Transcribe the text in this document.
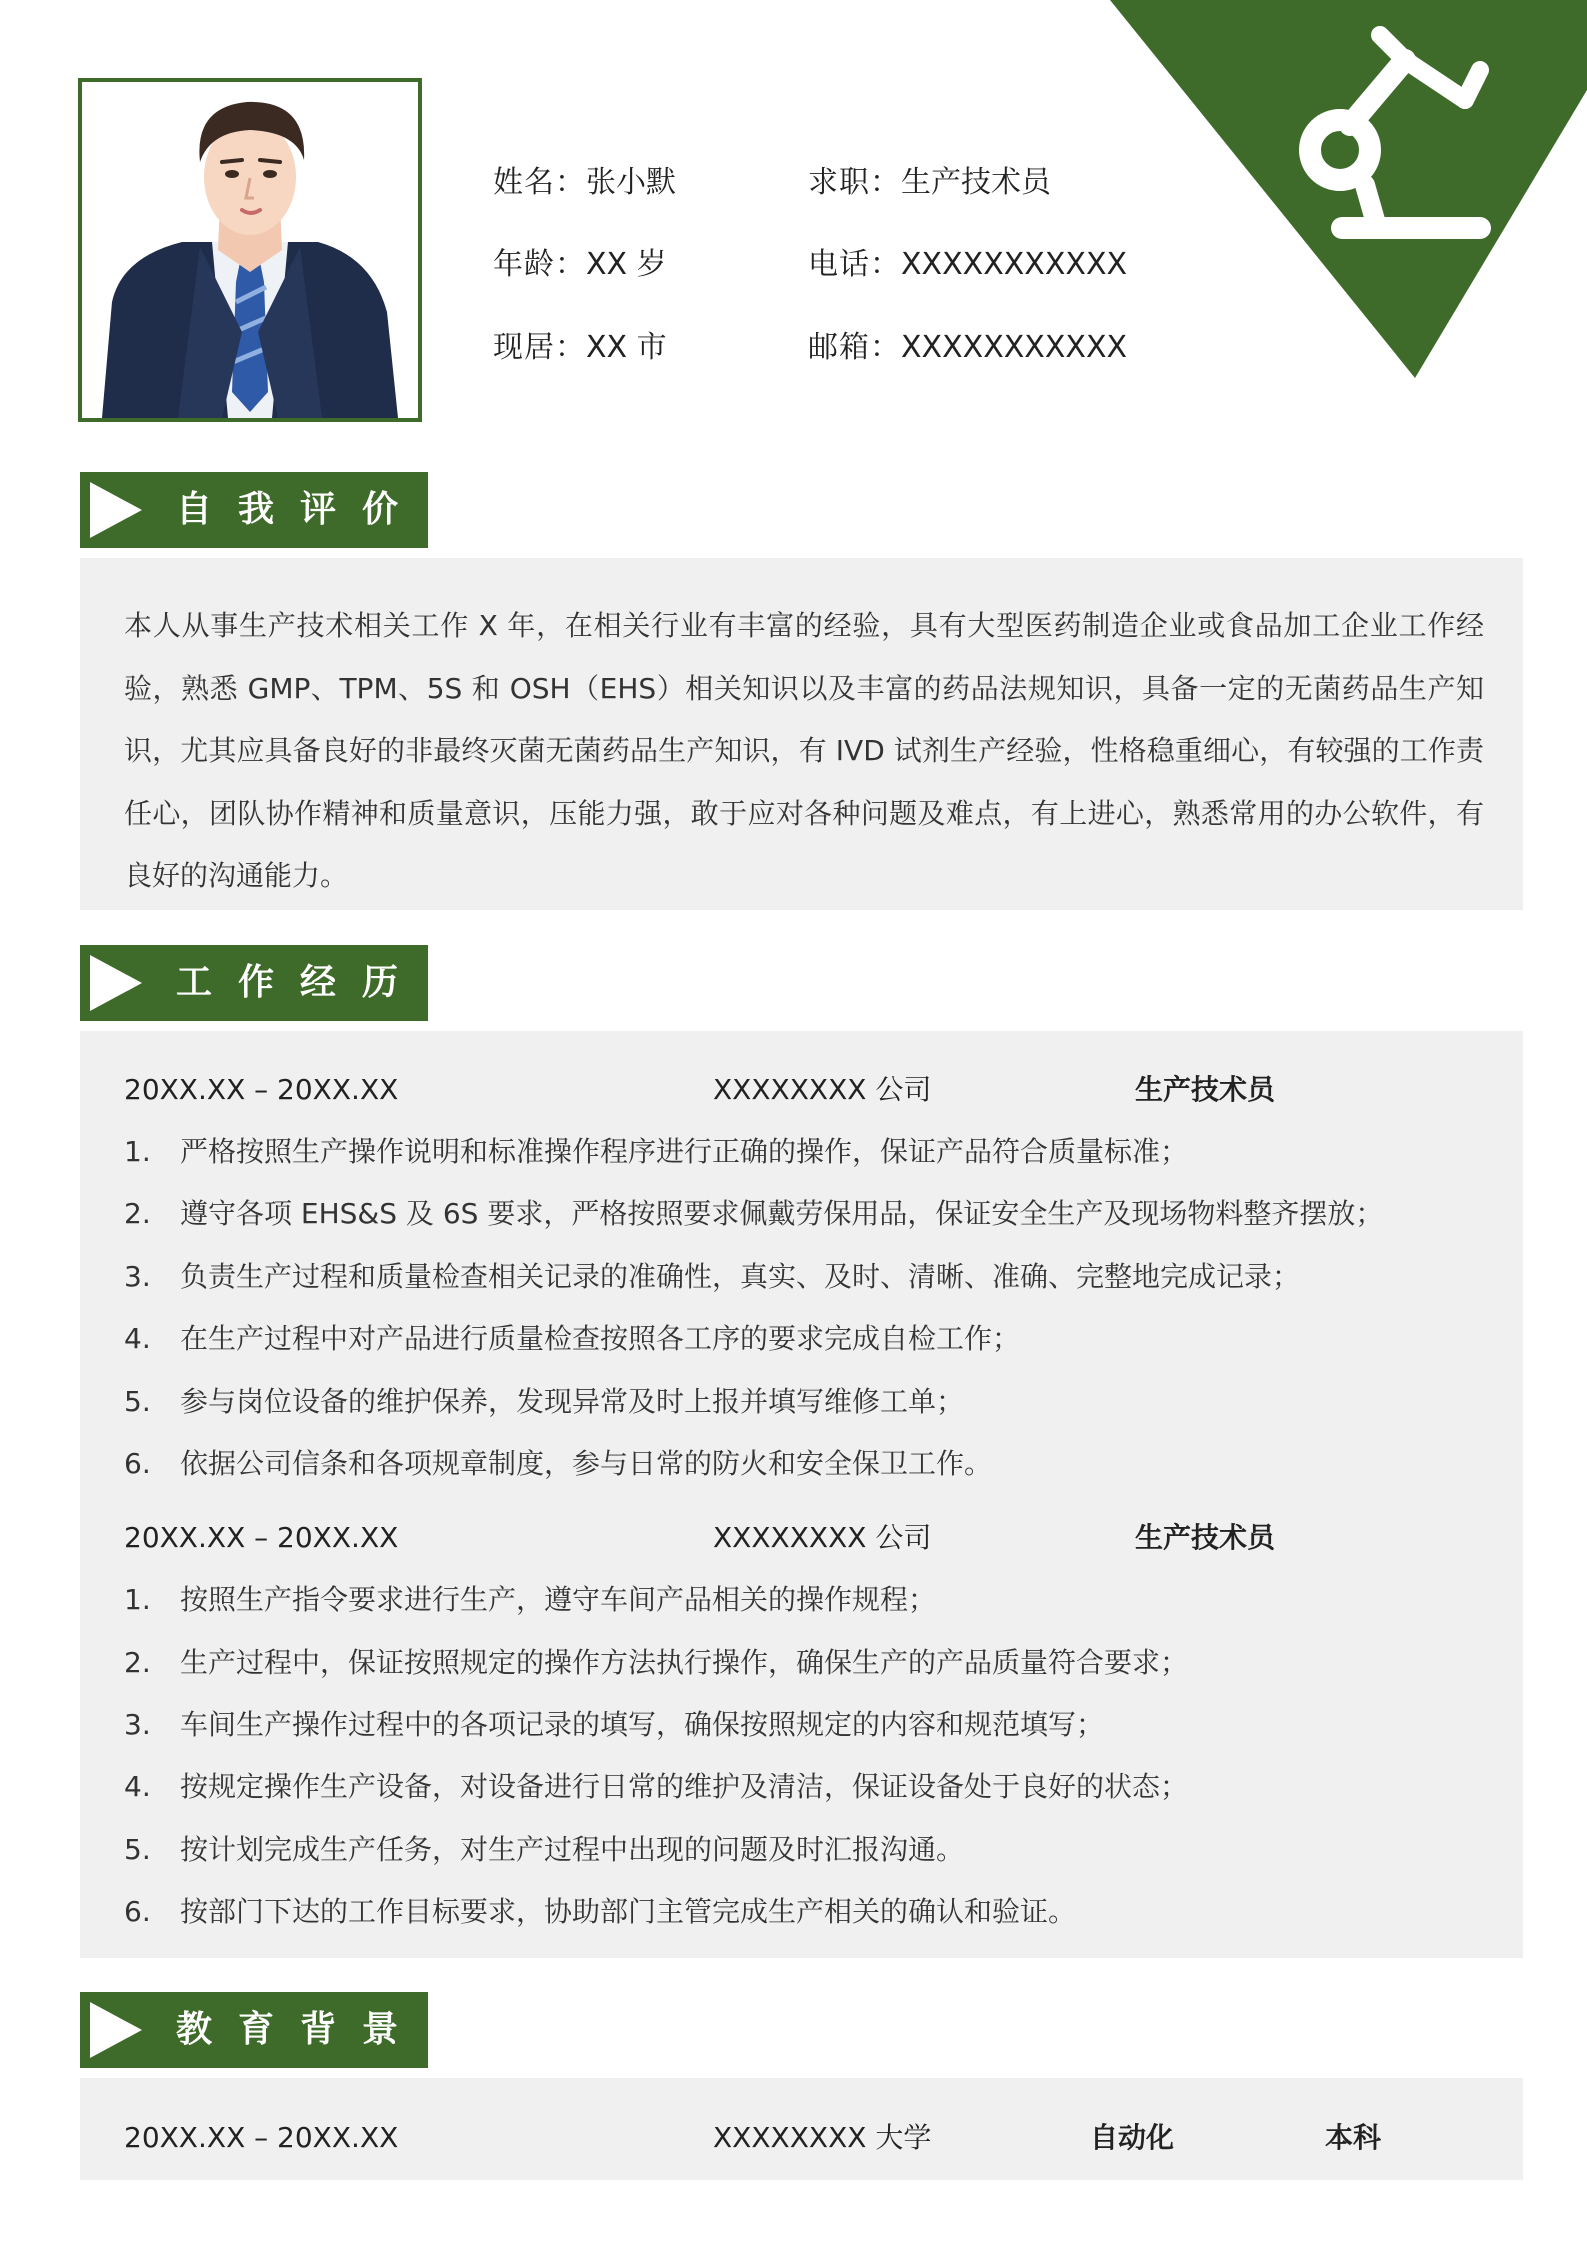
姓名：张小默	求职：生产技术员
年龄：XX 岁	电话：XXXXXXXXXXX
现居：XX 市	邮箱：XXXXXXXXXXX
自我评价
本人从事生产技术相关工作 X 年，在相关行业有丰富的经验，具有大型医药制造企业或食品加工企业工作经验，熟悉 GMP、TPM、5S 和 OSH（EHS）相关知识以及丰富的药品法规知识，具备一定的无菌药品生产知识，尤其应具备良好的非最终灭菌无菌药品生产知识，有 IVD 试剂生产经验，性格稳重细心，有较强的工作责任心，团队协作精神和质量意识，压能力强，敢于应对各种问题及难点，有上进心，熟悉常用的办公软件，有良好的沟通能力。
工作经历
20XX.XX – 20XX.XX	XXXXXXXX 公司	生产技术员
1. 严格按照生产操作说明和标准操作程序进行正确的操作，保证产品符合质量标准；
2. 遵守各项 EHS&S 及 6S 要求，严格按照要求佩戴劳保用品，保证安全生产及现场物料整齐摆放；
3. 负责生产过程和质量检查相关记录的准确性，真实、及时、清晰、准确、完整地完成记录；
4. 在生产过程中对产品进行质量检查按照各工序的要求完成自检工作；
5. 参与岗位设备的维护保养，发现异常及时上报并填写维修工单；
6. 依据公司信条和各项规章制度，参与日常的防火和安全保卫工作。
20XX.XX – 20XX.XX	XXXXXXXX 公司	生产技术员
1. 按照生产指令要求进行生产，遵守车间产品相关的操作规程；
2. 生产过程中，保证按照规定的操作方法执行操作，确保生产的产品质量符合要求；
3. 车间生产操作过程中的各项记录的填写，确保按照规定的内容和规范填写；
4. 按规定操作生产设备，对设备进行日常的维护及清洁，保证设备处于良好的状态；
5. 按计划完成生产任务，对生产过程中出现的问题及时汇报沟通。
6. 按部门下达的工作目标要求，协助部门主管完成生产相关的确认和验证。
教育背景
20XX.XX – 20XX.XX	XXXXXXXX 大学	自动化	本科
